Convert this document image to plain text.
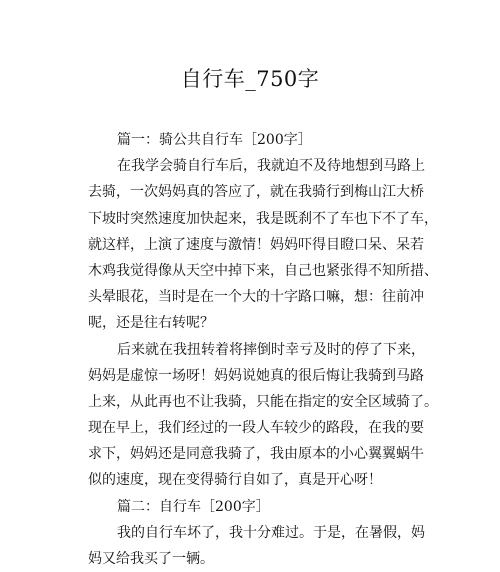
自行车_750字
篇一：骑公共自行车［200字］
在我学会骑自行车后，我就迫不及待地想到马路上
去骑，一次妈妈真的答应了，就在我骑行到梅山江大桥
下坡时突然速度加快起来，我是既刹不了车也下不了车，
就这样，上演了速度与激情！妈妈吓得目瞪口呆、呆若
木鸡我觉得像从天空中掉下来，自己也紧张得不知所措、
头晕眼花，当时是在一个大的十字路口嘛，想：往前冲
呢，还是往右转呢？
后来就在我扭转着将摔倒时幸亏及时的停了下来，
妈妈是虚惊一场呀！妈妈说她真的很后悔让我骑到马路
上来，从此再也不让我骑，只能在指定的安全区域骑了。
现在早上，我们经过的一段人车较少的路段，在我的要
求下，妈妈还是同意我骑了，我由原本的小心翼翼蜗牛
似的速度，现在变得骑行自如了，真是开心呀！
篇二：自行车［200字］
我的自行车坏了，我十分难过。于是，在暑假，妈
妈又给我买了一辆。
